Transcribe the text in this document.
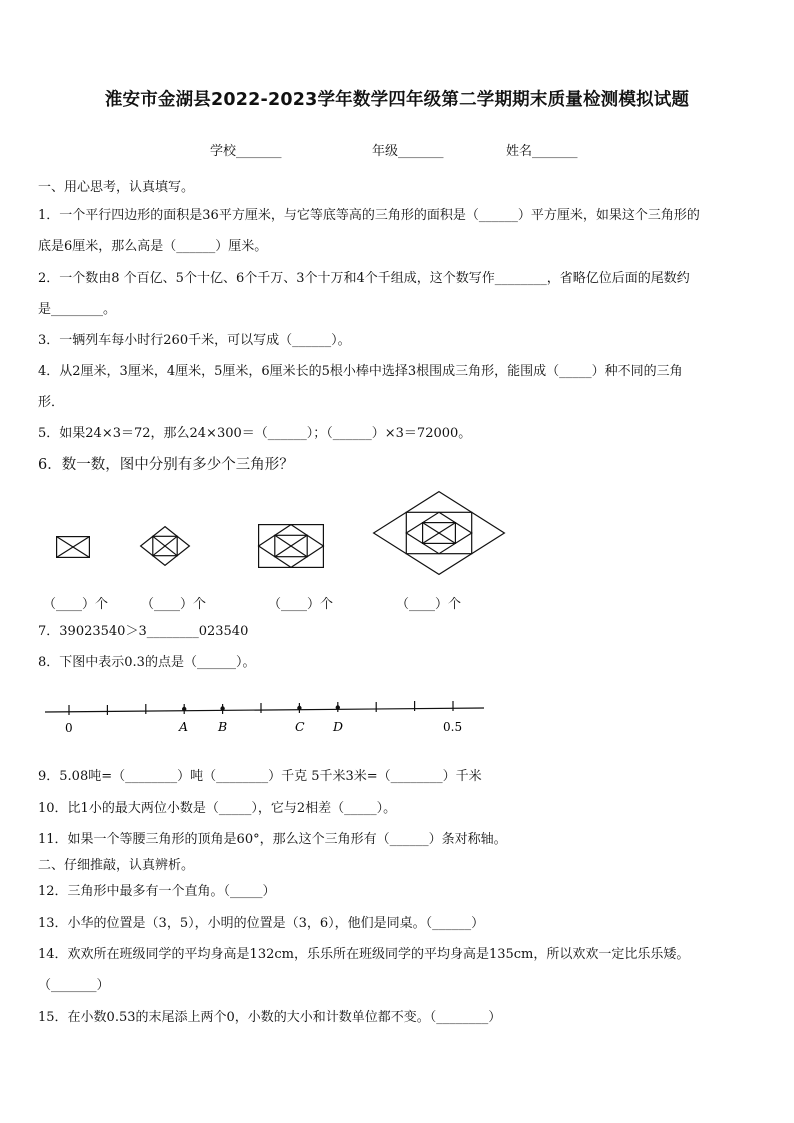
淮安市金湖县2022-2023学年数学四年级第二学期期末质量检测模拟试题
学校_______	年级_______	姓名_______
一、用心思考，认真填写。
1．一个平行四边形的面积是36平方厘米，与它等底等高的三角形的面积是（______）平方厘米，如果这个三角形的
底是6厘米，那么高是（______）厘米。
2．一个数由8 个百亿、5个十亿、6个千万、3个十万和4个千组成，这个数写作________，省略亿位后面的尾数约
是________。
3．一辆列车每小时行260千米，可以写成（______）。
4．从2厘米，3厘米，4厘米，5厘米，6厘米长的5根小棒中选择3根围成三角形，能围成（_____）种不同的三角
形．
5．如果24×3＝72，那么24×300＝（______）；（______）×3＝72000。
6．数一数，图中分别有多少个三角形？
（____）个	（____）个	（____）个	（____）个
7．39023540＞3________023540
8．下图中表示0.3的点是（______）。
0	A B	C D	0.5
9．5.08吨=（________）吨（________）千克 5千米3米=（________）千米
10．比1小的最大两位小数是（_____），它与2相差（_____）。
11．如果一个等腰三角形的顶角是60°，那么这个三角形有（______）条对称轴。
二、仔细推敲，认真辨析。
12．三角形中最多有一个直角。（_____）
13．小华的位置是（3，5），小明的位置是（3，6），他们是同桌。（______）
14．欢欢所在班级同学的平均身高是132cm，乐乐所在班级同学的平均身高是135cm，所以欢欢一定比乐乐矮。
（_______）
15．在小数0.53的末尾添上两个0，小数的大小和计数单位都不变。（________）
